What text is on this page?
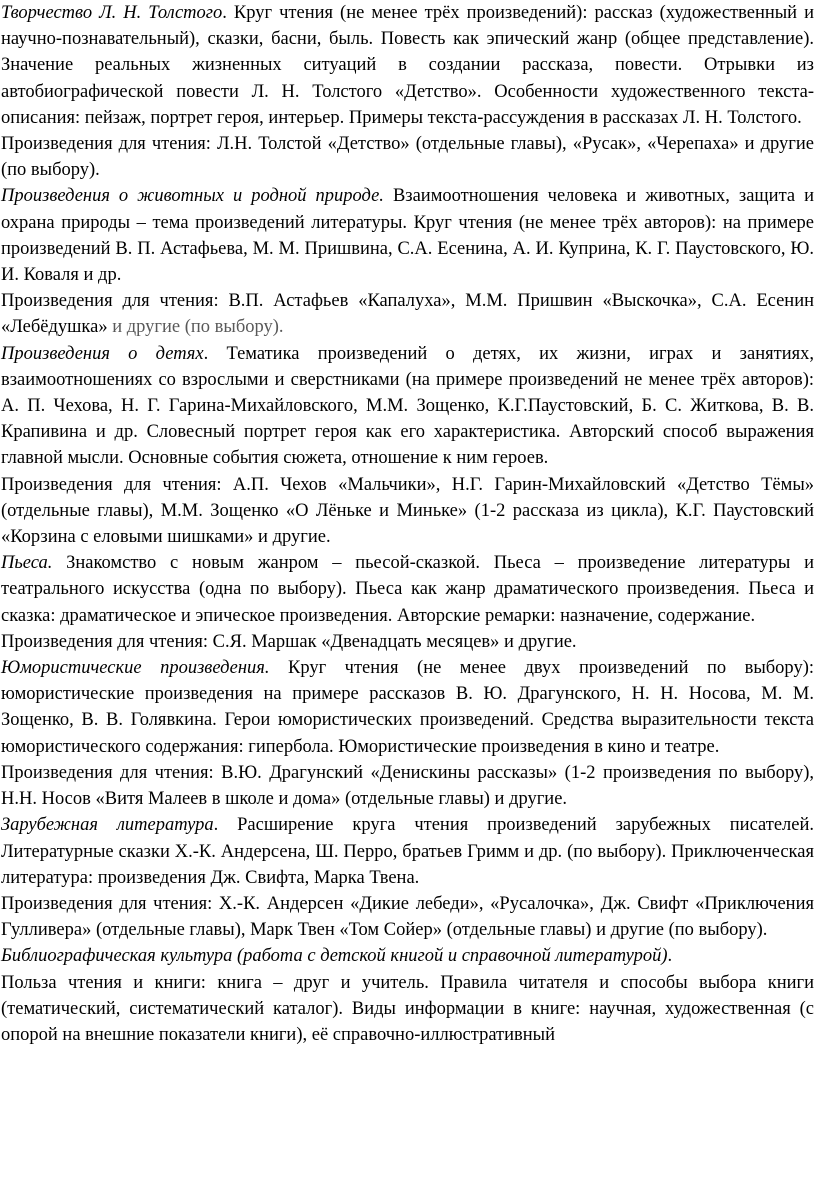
Творчество Л. Н. Толстого. Круг чтения (не менее трёх произведений): рассказ (художественный и научно-познавательный), сказки, басни, быль. Повесть как эпический жанр (общее представление). Значение реальных жизненных ситуаций в создании рассказа, повести. Отрывки из автобиографической повести Л. Н. Толстого «Детство». Особенности художественного текста-описания: пейзаж, портрет героя, интерьер. Примеры текста-рассуждения в рассказах Л. Н. Толстого.

Произведения для чтения: Л.Н. Толстой «Детство» (отдельные главы), «Русак», «Черепаха» и другие (по выбору).

Произведения о животных и родной природе. Взаимоотношения человека и животных, защита и охрана природы – тема произведений литературы. Круг чтения (не менее трёх авторов): на примере произведений В. П. Астафьева, М. М. Пришвина, С.А. Есенина, А. И. Куприна, К. Г. Паустовского, Ю. И. Коваля и др.

Произведения для чтения: В.П. Астафьев «Капалуха», М.М. Пришвин «Выскочка», С.А. Есенин «Лебёдушка» и другие (по выбору).

Произведения о детях. Тематика произведений о детях, их жизни, играх и занятиях, взаимоотношениях со взрослыми и сверстниками (на примере произведений не менее трёх авторов): А. П. Чехова, Н. Г. Гарина-Михайловского, М.М. Зощенко, К.Г.Паустовский, Б. С. Житкова, В. В. Крапивина и др. Словесный портрет героя как его характеристика. Авторский способ выражения главной мысли. Основные события сюжета, отношение к ним героев.

Произведения для чтения: А.П. Чехов «Мальчики», Н.Г. Гарин-Михайловский «Детство Тёмы» (отдельные главы), М.М. Зощенко «О Лёньке и Миньке» (1-2 рассказа из цикла), К.Г. Паустовский «Корзина с еловыми шишками» и другие.

Пьеса. Знакомство с новым жанром – пьесой-сказкой. Пьеса – произведение литературы и театрального искусства (одна по выбору). Пьеса как жанр драматического произведения. Пьеса и сказка: драматическое и эпическое произведения. Авторские ремарки: назначение, содержание.

Произведения для чтения: С.Я. Маршак «Двенадцать месяцев» и другие.

Юмористические произведения. Круг чтения (не менее двух произведений по выбору): юмористические произведения на примере рассказов В. Ю. Драгунского, Н. Н. Носова, М. М. Зощенко, В. В. Голявкина. Герои юмористических произведений. Средства выразительности текста юмористического содержания: гипербола. Юмористические произведения в кино и театре.

Произведения для чтения: В.Ю. Драгунский «Денискины рассказы» (1-2 произведения по выбору), Н.Н. Носов «Витя Малеев в школе и дома» (отдельные главы) и другие.

Зарубежная литература. Расширение круга чтения произведений зарубежных писателей. Литературные сказки Х.-К. Андерсена, Ш. Перро, братьев Гримм и др. (по выбору). Приключенческая литература: произведения Дж. Свифта, Марка Твена.

Произведения для чтения: Х.-К. Андерсен «Дикие лебеди», «Русалочка», Дж. Свифт «Приключения Гулливера» (отдельные главы), Марк Твен «Том Сойер» (отдельные главы) и другие (по выбору).

Библиографическая культура (работа с детской книгой и справочной литературой).

Польза чтения и книги: книга – друг и учитель. Правила читателя и способы выбора книги (тематический, систематический каталог). Виды информации в книге: научная, художественная (с опорой на внешние показатели книги), её справочно-иллюстративный
